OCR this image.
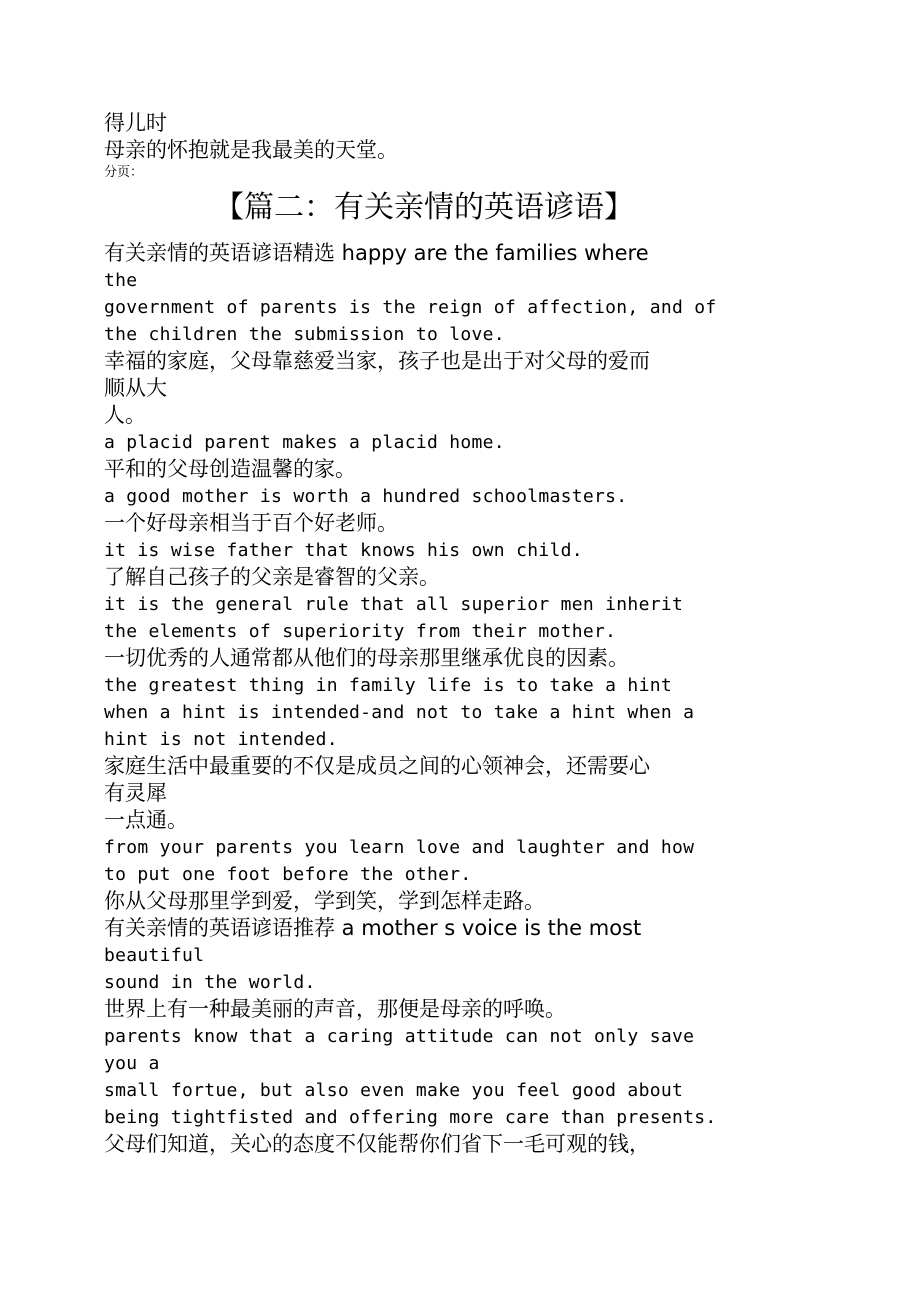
得儿时
母亲的怀抱就是我最美的天堂。
分页：
【篇二：有关亲情的英语谚语】
有关亲情的英语谚语精选 happy are the families where
the
government of parents is the reign of affection, and of
the children the submission to love.
幸福的家庭，父母靠慈爱当家，孩子也是出于对父母的爱而
顺从大
人。
a placid parent makes a placid home.
平和的父母创造温馨的家。
a good mother is worth a hundred schoolmasters.
一个好母亲相当于百个好老师。
it is wise father that knows his own child.
了解自己孩子的父亲是睿智的父亲。
it is the general rule that all superior men inherit
the elements of superiority from their mother.
一切优秀的人通常都从他们的母亲那里继承优良的因素。
the greatest thing in family life is to take a hint
when a hint is intended-and not to take a hint when a
hint is not intended.
家庭生活中最重要的不仅是成员之间的心领神会，还需要心
有灵犀
一点通。
from your parents you learn love and laughter and how
to put one foot before the other.
你从父母那里学到爱，学到笑，学到怎样走路。
有关亲情的英语谚语推荐 a mother s voice is the most
beautiful
sound in the world.
世界上有一种最美丽的声音，那便是母亲的呼唤。
parents know that a caring attitude can not only save
you a
small fortue, but also even make you feel good about
being tightfisted and offering more care than presents.
父母们知道，关心的态度不仅能帮你们省下一毛可观的钱，
